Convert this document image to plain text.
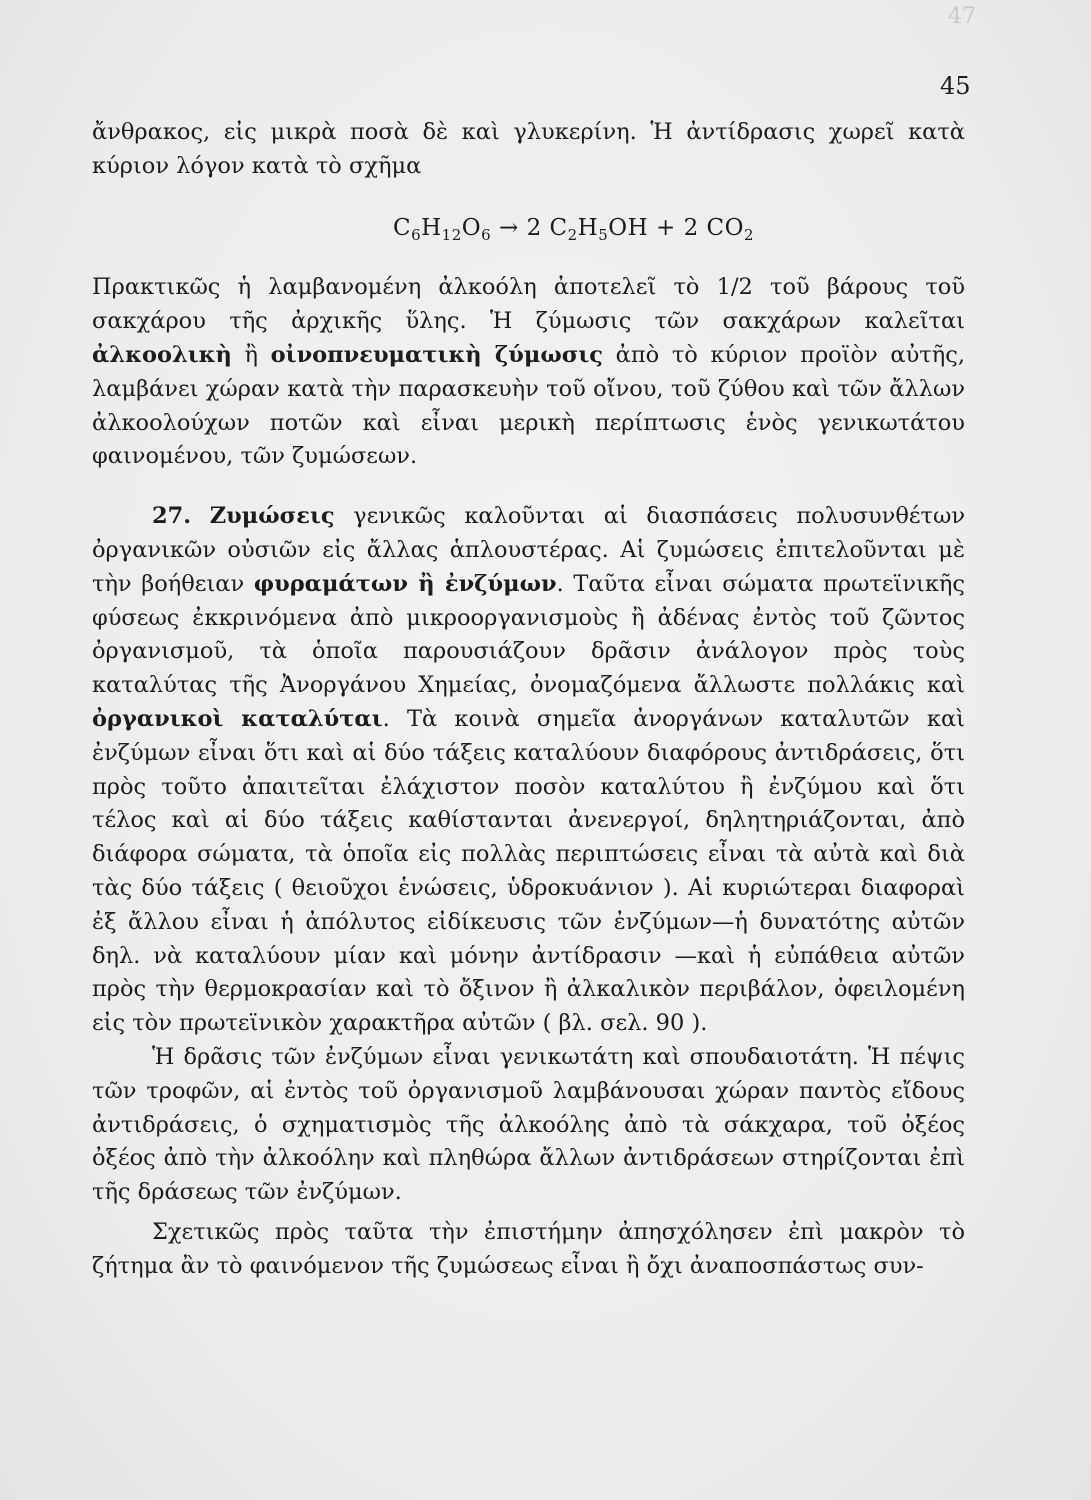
47
45

ἄνθρακος, εἰς μικρὰ ποσὰ δὲ καὶ γλυκερίνη. Ἡ ἀντίδρασις χωρεῖ κατὰ κύριον λόγον κατὰ τὸ σχῆμα

$C_6H_{12}O_6 \to 2$ $C_2H_5OH + 2$ $CO_2$

Πρακτικῶς ἡ λαμβανομένη ἀλκοόλη ἀποτελεῖ τὸ 1/2 τοῦ βάρους τοῦ σακχάρου τῆς ἀρχικῆς ὕλης. Ἡ ζύμωσις τῶν σακχάρων καλεῖται ἀλκοολικὴ ἢ οἰνοπνευματικὴ ζύμωσις ἀπὸ τὸ κύριον προϊὸν αὐτῆς, λαμβάνει χώραν κατὰ τὴν παρασκευὴν τοῦ οἴνου, τοῦ ζύθου καὶ τῶν ἄλλων ἀλκοολούχων ποτῶν καὶ εἶναι μερικὴ περίπτωσις ἑνὸς γενικωτάτου φαινομένου, τῶν ζυμώσεων.

27. Ζυμώσεις γενικῶς καλοῦνται αἱ διασπάσεις πολυσυνθέτων ὀργανικῶν οὐσιῶν εἰς ἄλλας ἁπλουστέρας. Αἱ ζυμώσεις ἐπιτελοῦνται μὲ τὴν βοήθειαν φυραμάτων ἢ ἐνζύμων. Ταῦτα εἶναι σώματα πρωτεϊνικῆς φύσεως ἐκκρινόμενα ἀπὸ μικροοργανισμοὺς ἢ ἀδένας ἐντὸς τοῦ ζῶντος ὀργανισμοῦ, τὰ ὁποῖα παρουσιάζουν δρᾶσιν ἀνάλογον πρὸς τοὺς καταλύτας τῆς Ἀνοργάνου Χημείας, ὀνομαζόμενα ἄλλωστε πολλάκις καὶ ὀργανικοὶ καταλύται. Τὰ κοινὰ σημεῖα ἀνοργάνων καταλυτῶν καὶ ἐνζύμων εἶναι ὅτι καὶ αἱ δύο τάξεις καταλύουν διαφόρους ἀντιδράσεις, ὅτι πρὸς τοῦτο ἀπαιτεῖται ἐλάχιστον ποσὸν καταλύτου ἢ ἐνζύμου καὶ ὅτι τέλος καὶ αἱ δύο τάξεις καθίστανται ἀνενεργοί, δηλητηριάζονται, ἀπὸ διάφορα σώματα, τὰ ὁποῖα εἰς πολλὰς περιπτώσεις εἶναι τὰ αὐτὰ καὶ διὰ τὰς δύο τάξεις ( θειοῦχοι ἑνώσεις, ὑδροκυάνιον ). Αἱ κυριώτεραι διαφοραὶ ἐξ ἄλλου εἶναι ἡ ἀπόλυτος εἰδίκευσις τῶν ἐνζύμων—ἡ δυνατότης αὐτῶν δηλ. νὰ καταλύουν μίαν καὶ μόνην ἀντίδρασιν —καὶ ἡ εὐπάθεια αὐτῶν πρὸς τὴν θερμοκρασίαν καὶ τὸ ὄξινον ἢ ἀλκαλικὸν περιβάλον, ὀφειλομένη εἰς τὸν πρωτεϊνικὸν χαρακτῆρα αὐτῶν ( βλ. σελ. 90 ).

Ἡ δρᾶσις τῶν ἐνζύμων εἶναι γενικωτάτη καὶ σπουδαιοτάτη. Ἡ πέψις τῶν τροφῶν, αἱ ἐντὸς τοῦ ὀργανισμοῦ λαμβάνουσαι χώραν παντὸς εἴδους ἀντιδράσεις, ὁ σχηματισμὸς τῆς ἀλκοόλης ἀπὸ τὰ σάκχαρα, τοῦ ὀξέος ὀξέος ἀπὸ τὴν ἀλκοόλην καὶ πληθώρα ἄλλων ἀντιδράσεων στηρίζονται ἐπὶ τῆς δράσεως τῶν ἐνζύμων.

Σχετικῶς πρὸς ταῦτα τὴν ἐπιστήμην ἀπησχόλησεν ἐπὶ μακρὸν τὸ ζήτημα ἂν τὸ φαινόμενον τῆς ζυμώσεως εἶναι ἢ ὄχι ἀναποσπάστως συν-
